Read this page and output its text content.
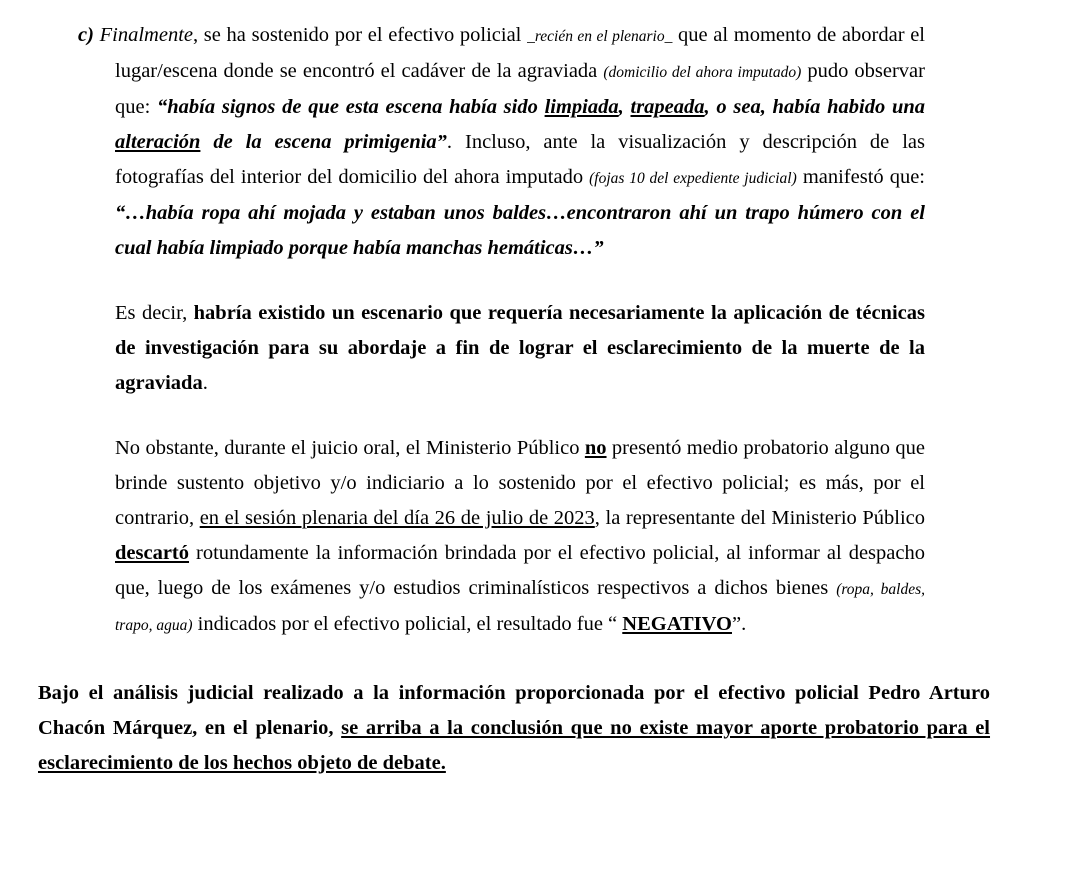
c) Finalmente, se ha sostenido por el efectivo policial _recién en el plenario_ que al momento de abordar el lugar/escena donde se encontró el cadáver de la agraviada (domicilio del ahora imputado) pudo observar que: “había signos de que esta escena había sido limpiada, trapeada, o sea, había habido una alteración de la escena primigenia”. Incluso, ante la visualización y descripción de las fotografías del interior del domicilio del ahora imputado (fojas 10 del expediente judicial) manifestó que: “…había ropa ahí mojada y estaban unos baldes…encontraron ahí un trapo húmero con el cual había limpiado porque había manchas hemáticas…”

Es decir, habría existido un escenario que requería necesariamente la aplicación de técnicas de investigación para su abordaje a fin de lograr el esclarecimiento de la muerte de la agraviada.

No obstante, durante el juicio oral, el Ministerio Público no presentó medio probatorio alguno que brinde sustento objetivo y/o indiciario a lo sostenido por el efectivo policial; es más, por el contrario, en el sesión plenaria del día 26 de julio de 2023, la representante del Ministerio Público descartó rotundamente la información brindada por el efectivo policial, al informar al despacho que, luego de los exámenes y/o estudios criminalísticos respectivos a dichos bienes (ropa, baldes, trapo, agua) indicados por el efectivo policial, el resultado fue “ NEGATIVO”.

Bajo el análisis judicial realizado a la información proporcionada por el efectivo policial Pedro Arturo Chacón Márquez, en el plenario, se arriba a la conclusión que no existe mayor aporte probatorio para el esclarecimiento de los hechos objeto de debate.
